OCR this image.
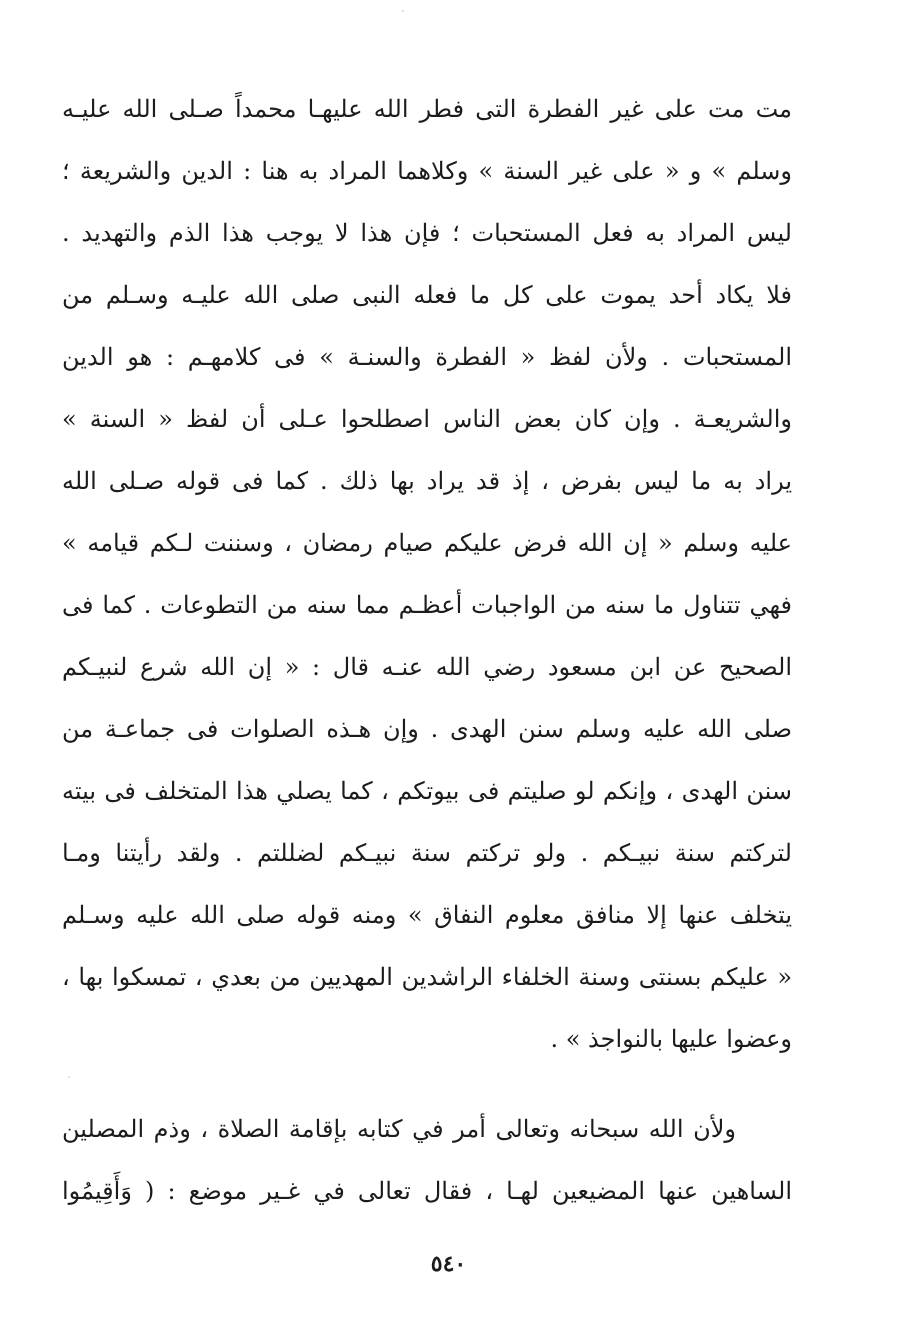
مت مت على غير الفطرة التى فطر الله عليهـا محمداً صـلى الله عليـه
وسلم » و « على غير السنة » وكلاهما المراد به هنا : الدين والشريعة ؛
ليس المراد به فعل المستحبات ؛ فإن هذا لا يوجب هذا الذم والتهديد .
فلا يكاد أحد يموت على كل ما فعله النبى صلى الله عليـه وسـلم من
المستحبات . ولأن لفظ « الفطرة والسنـة » فى كلامهـم : هو الدين
والشريعـة . وإن كان بعض الناس اصطلحوا عـلى أن لفظ « السنة »
يراد به ما ليس بفرض ، إذ قد يراد بها ذلك . كما فى قوله صـلى الله
عليه وسلم « إن الله فرض عليكم صيام رمضان ، وسننت لـكم قيامه »
فهي تتناول ما سنه من الواجبات أعظـم مما سنه من التطوعات . كما فى
الصحيح عن ابن مسعود رضي الله عنـه قال : « إن الله شرع لنبيـكم
صلى الله عليه وسلم سنن الهدى . وإن هـذه الصلوات فى جماعـة من
سنن الهدى ، وإنكم لو صليتم فى بيوتكم ، كما يصلي هذا المتخلف فى بيته
لتركتم سنة نبيـكم . ولو تركتم سنة نبيـكم لضللتم . ولقد رأيتنا ومـا
يتخلف عنها إلا منافق معلوم النفاق » ومنه قوله صلى الله عليه وسـلم
« عليكم بسنتى وسنة الخلفاء الراشدين المهديين من بعدي ، تمسكوا بها ،
وعضوا عليها بالنواجذ » .
ولأن الله سبحانه وتعالى أمر في كتابه بإقامة الصلاة ، وذم المصلين
الساهين عنها المضيعين لهـا ، فقال تعالى في غـير موضع : ( وَأَقِيمُوا
٥٤٠
